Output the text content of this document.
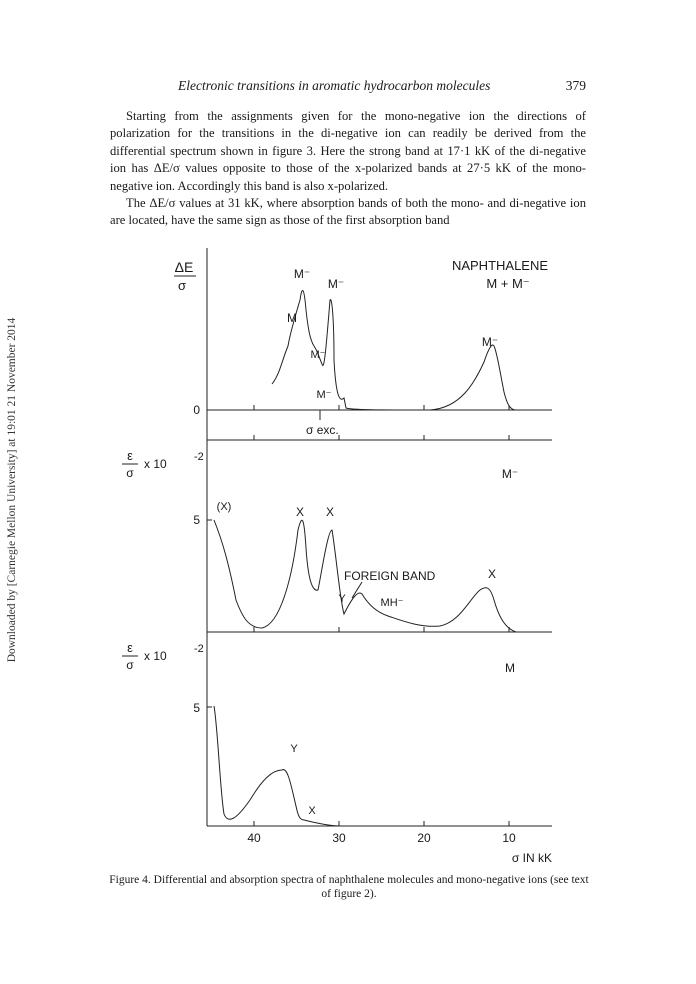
Electronic transitions in aromatic hydrocarbon molecules	379

Starting from the assignments given for the mono-negative ion the directions of polarization for the transitions in the di-negative ion can readily be derived from the differential spectrum shown in figure 3. Here the strong band at 17·1 kK of the di-negative ion has ΔE/σ values opposite to those of the x-polarized bands at 27·5 kK of the mono-negative ion. Accordingly this band is also x-polarized.

The ΔE/σ values at 31 kK, where absorption bands of both the mono- and di-negative ion are located, have the same sign as those of the first absorption band

Downloaded by [Carnegie Mellon University] at 19:01 21 November 2014
NAPHTHALENE
M + M⁻
ΔE
σ
0
σ exc.
M⁻
M⁻
M
M⁻
M⁻
M⁻
ε
σ
x 10 -2
5
M⁻
(X)	X X
FOREIGN BAND
Y	MH⁻
X
ε
σ
x 10 -2
5
M
Y
X
40	30	20	10
σ IN kK
Figure 4. Differential and absorption spectra of naphthalene molecules and mono-negative ions (see text of figure 2).
